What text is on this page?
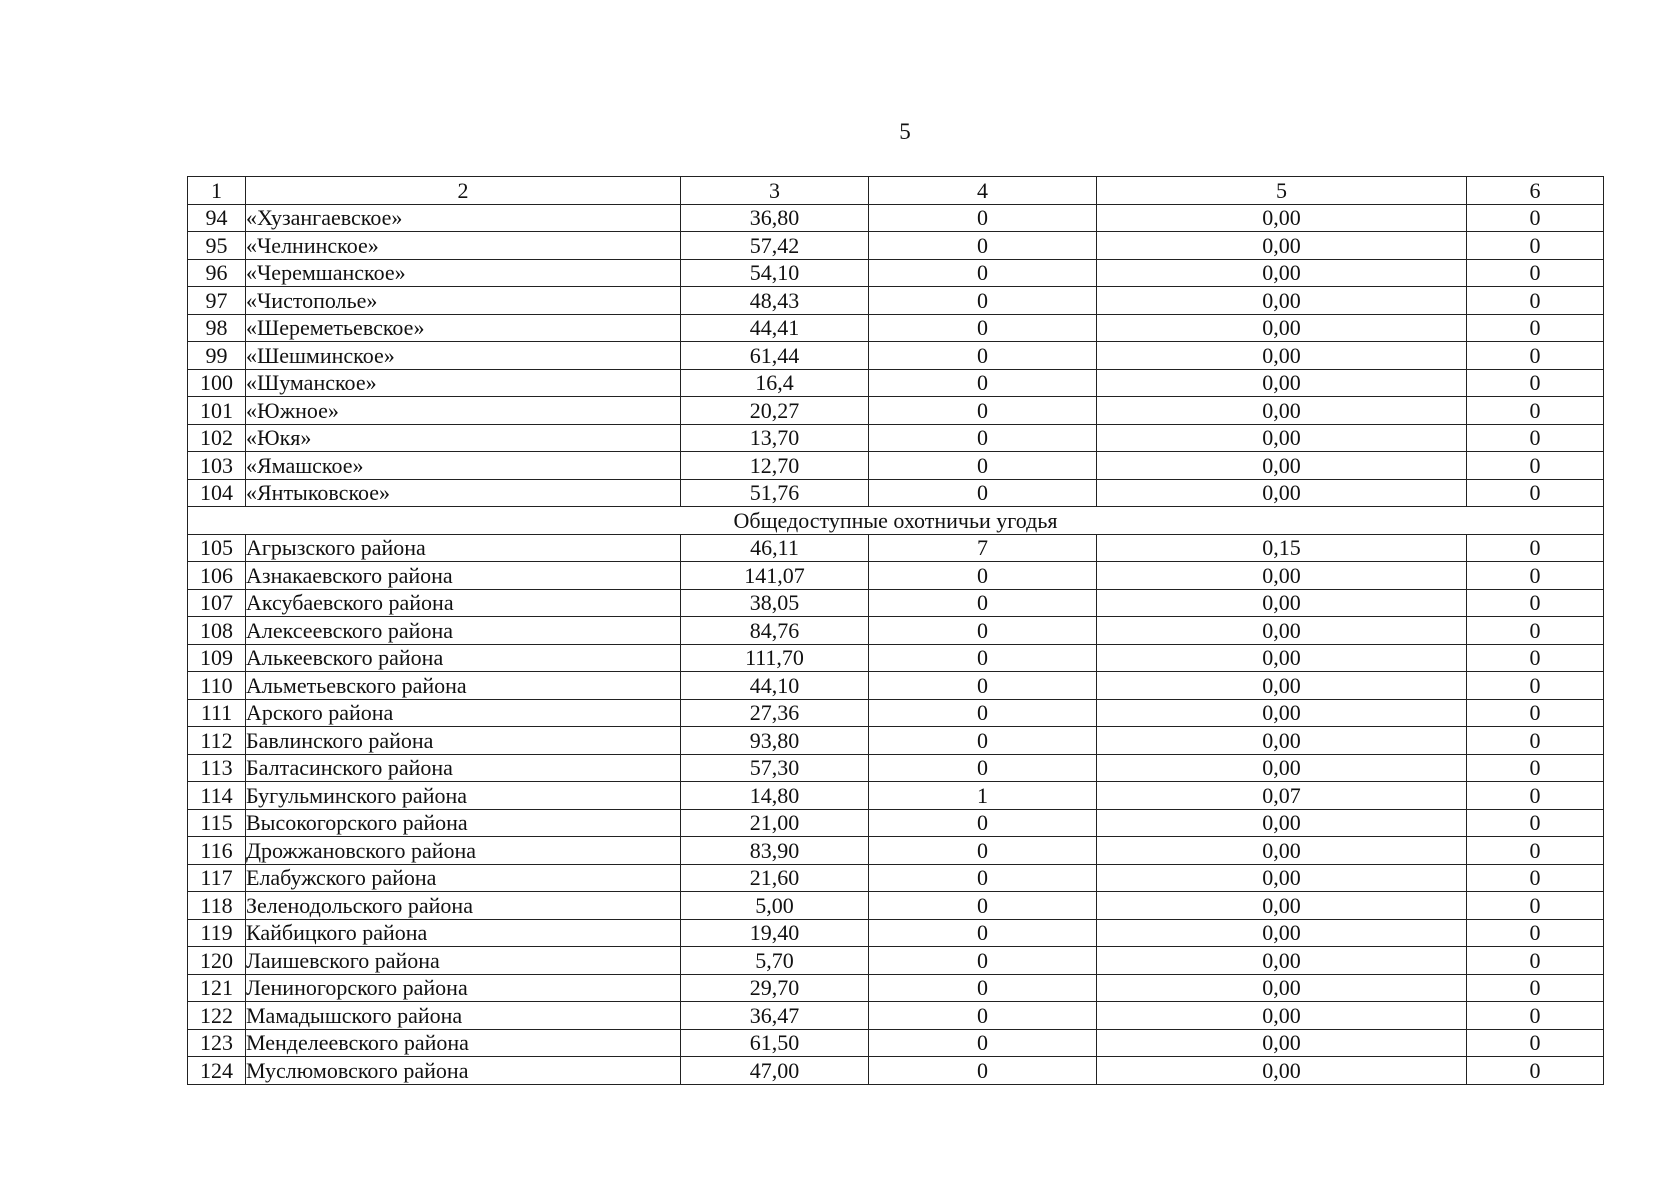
5
1	2	3	4	5	6
94	«Хузангаевское»	36,80	0	0,00	0
95	«Челнинское»	57,42	0	0,00	0
96	«Черемшанское»	54,10	0	0,00	0
97	«Чистополье»	48,43	0	0,00	0
98	«Шереметьевское»	44,41	0	0,00	0
99	«Шешминское»	61,44	0	0,00	0
100	«Шуманское»	16,4	0	0,00	0
101	«Южное»	20,27	0	0,00	0
102	«Юкя»	13,70	0	0,00	0
103	«Ямашское»	12,70	0	0,00	0
104	«Янтыковское»	51,76	0	0,00	0
Общедоступные охотничьи угодья					
105	Агрызского района	46,11	7	0,15	0
106	Азнакаевского района	141,07	0	0,00	0
107	Аксубаевского района	38,05	0	0,00	0
108	Алексеевского района	84,76	0	0,00	0
109	Алькеевского района	111,70	0	0,00	0
110	Альметьевского района	44,10	0	0,00	0
111	Арского района	27,36	0	0,00	0
112	Бавлинского района	93,80	0	0,00	0
113	Балтасинского района	57,30	0	0,00	0
114	Бугульминского района	14,80	1	0,07	0
115	Высокогорского района	21,00	0	0,00	0
116	Дрожжановского района	83,90	0	0,00	0
117	Елабужского района	21,60	0	0,00	0
118	Зеленодольского района	5,00	0	0,00	0
119	Кайбицкого района	19,40	0	0,00	0
120	Лаишевского района	5,70	0	0,00	0
121	Лениногорского района	29,70	0	0,00	0
122	Мамадышского района	36,47	0	0,00	0
123	Менделеевского района	61,50	0	0,00	0
124	Муслюмовского района	47,00	0	0,00	0
